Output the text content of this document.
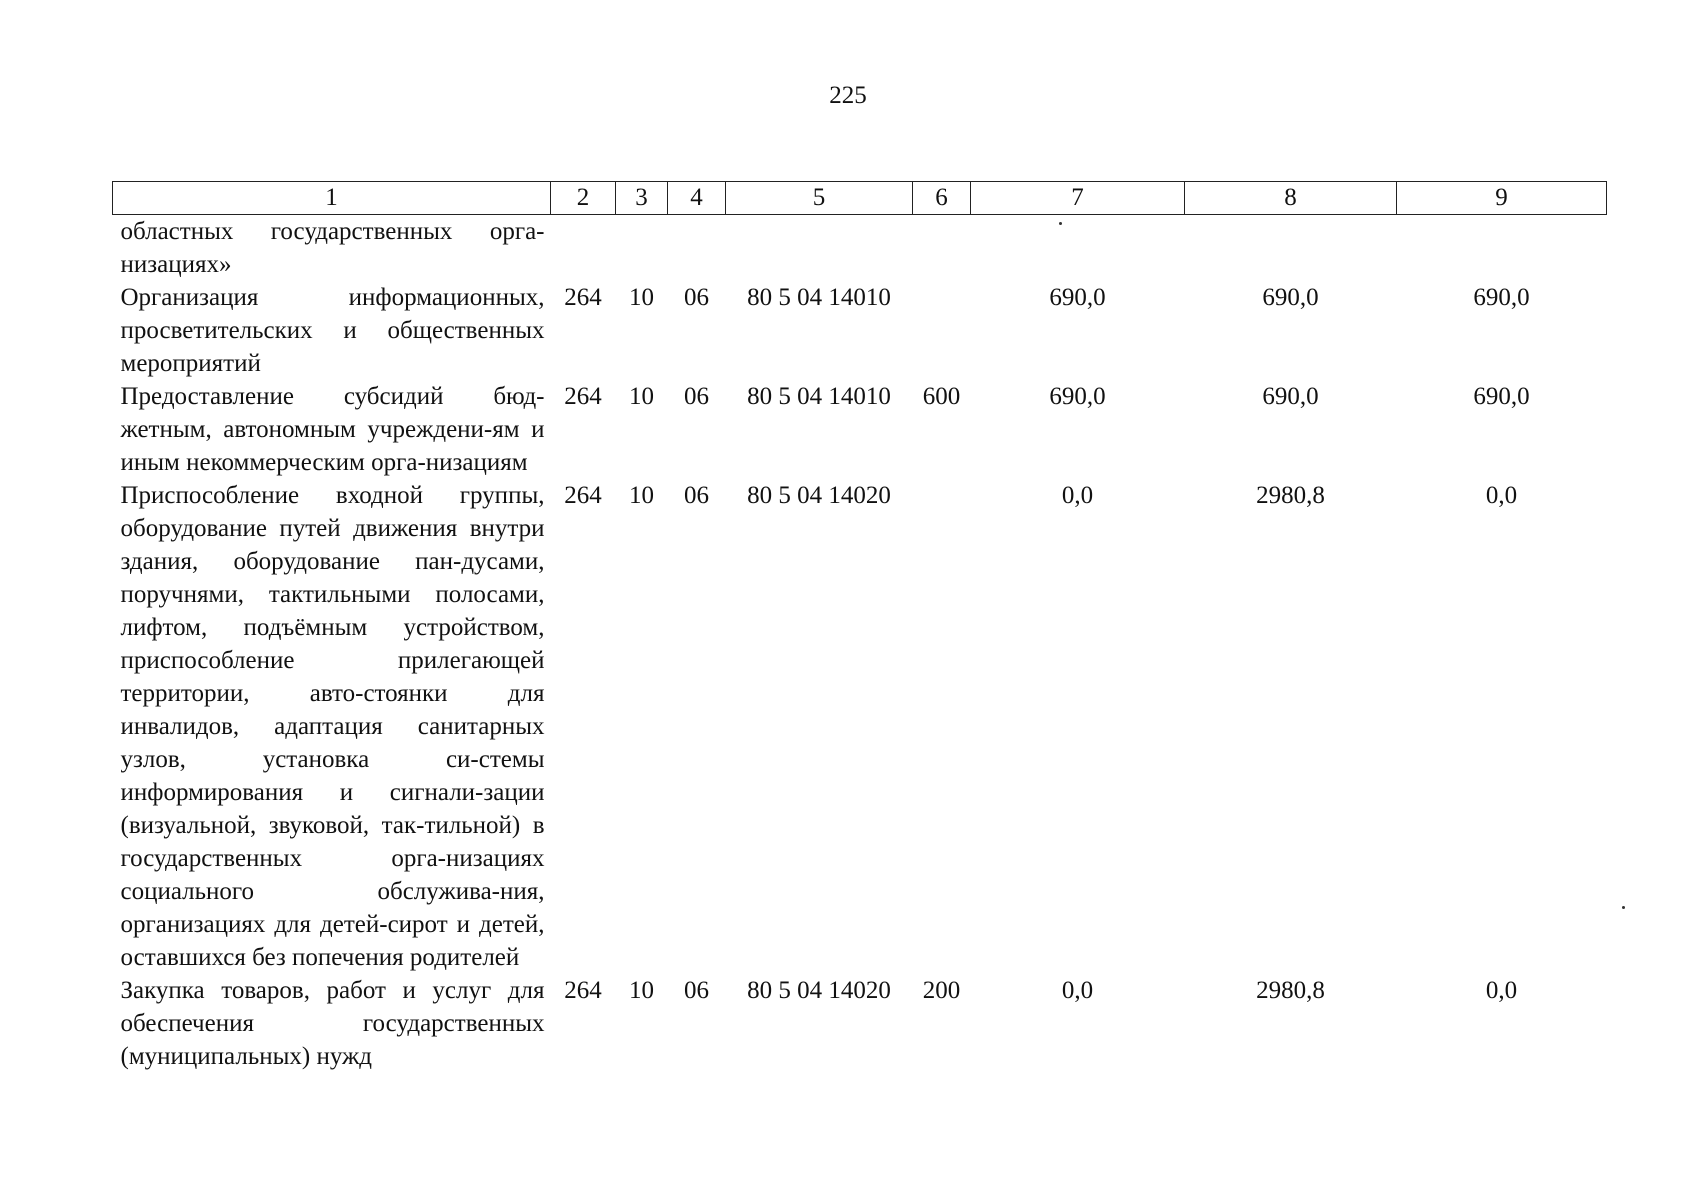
225
1	2	3	4	5	6	7	8	9
областных государственных орга-низациях»								
Организация информационных, просветительских и общественных мероприятий	264	10	06	80 5 04 14010		690,0	690,0	690,0
Предоставление субсидий бюд-жетным, автономным учреждени-ям и иным некоммерческим орга-низациям	264	10	06	80 5 04 14010	600	690,0	690,0	690,0
Приспособление входной группы, оборудование путей движения внутри здания, оборудование пан-дусами, поручнями, тактильными полосами, лифтом, подъёмным устройством, приспособление прилегающей территории, авто-стоянки для инвалидов, адаптация санитарных узлов, установка си-стемы информирования и сигнали-зации (визуальной, звуковой, так-тильной) в государственных орга-низациях социального обслужива-ния, организациях для детей-сирот и детей, оставшихся без попечения родителей	264	10	06	80 5 04 14020		0,0	2980,8	0,0
Закупка товаров, работ и услуг для обеспечения государственных (муниципальных) нужд	264	10	06	80 5 04 14020	200	0,0	2980,8	0,0
